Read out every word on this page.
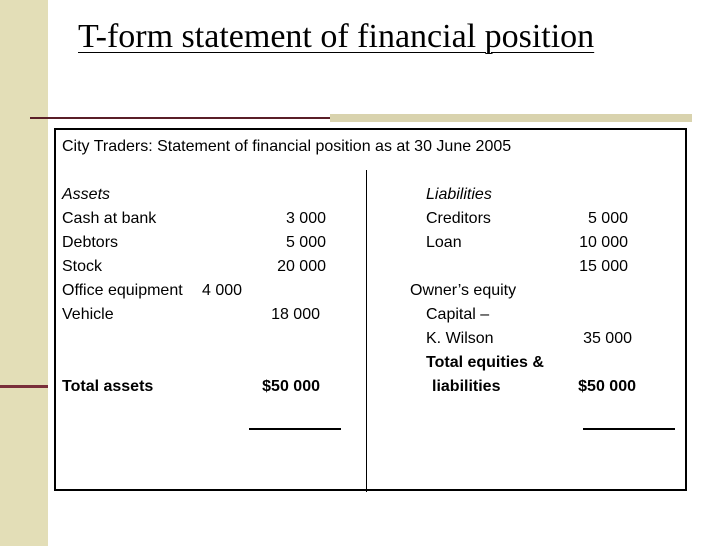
T-form statement of financial position
City Traders: Statement of financial position as at 30 June 2005
Assets
Cash at bank	3 000
Debtors	5 000
Stock	20 000
Office equipment 4 000
Vehicle	18 000
Total assets	$50 000
Liabilities
Creditors	5 000
Loan	10 000
15 000
Owner’s equity
Capital –
K. Wilson	35 000
Total equities &
liabilities	$50 000
